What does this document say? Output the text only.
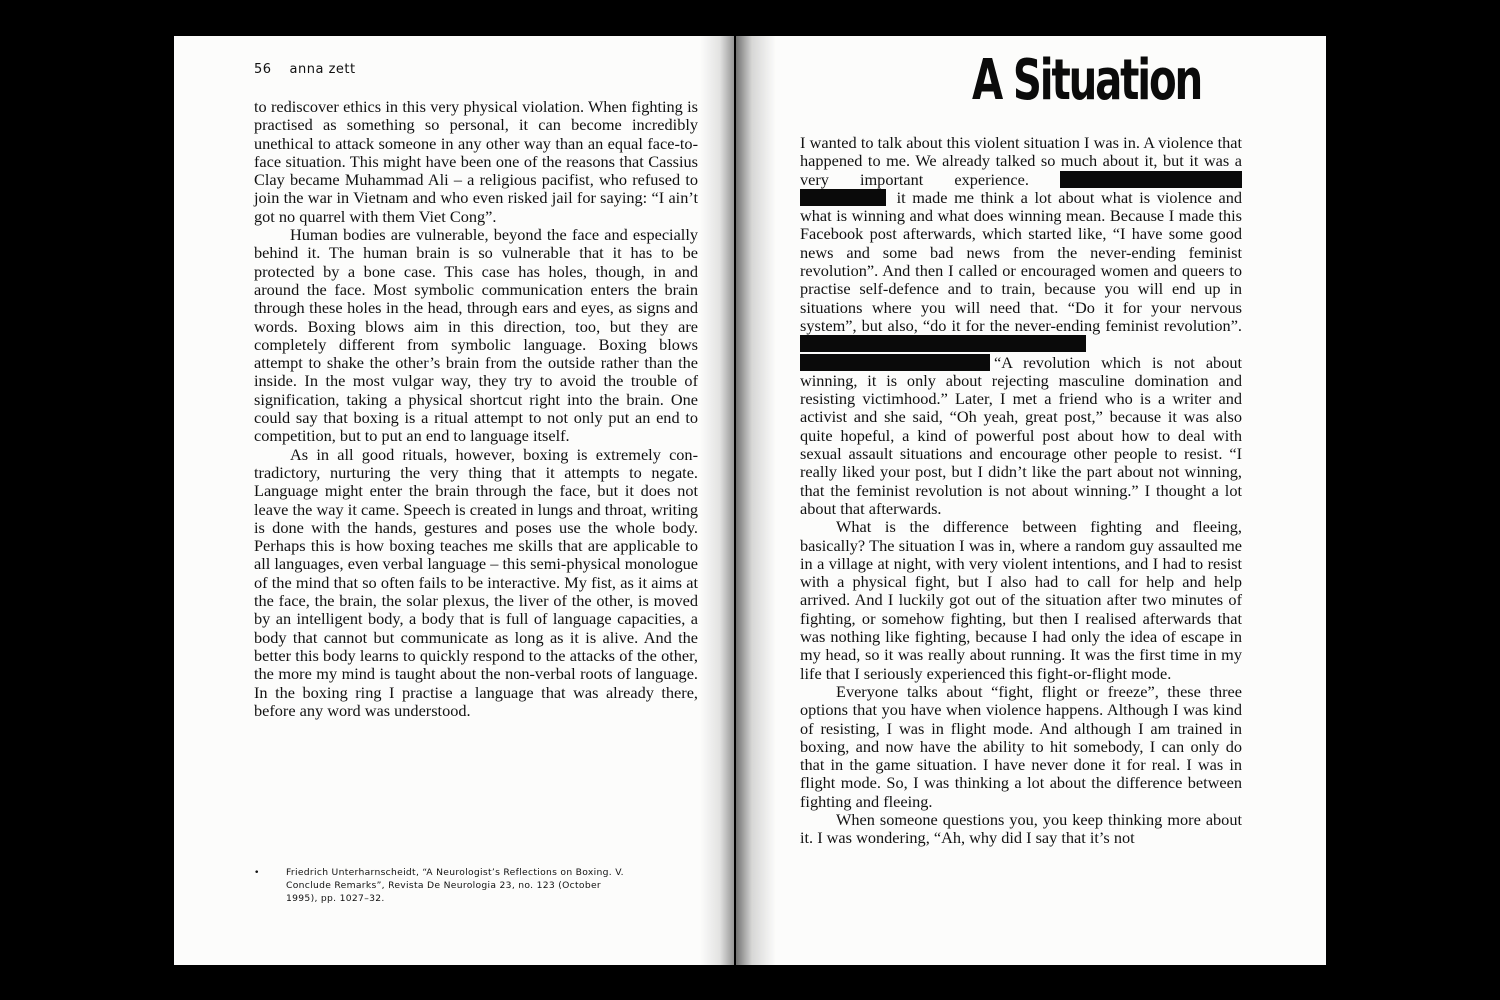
56 anna zett

to rediscover ethics in this very physical violation. When fighting is practised as something so personal, it can become incredibly unethical to attack someone in any other way than an equal face-to-face situation. This might have been one of the reasons that Cassius Clay became Muhammad Ali – a religious pacifist, who refused to join the war in Vietnam and who even risked jail for saying: “I ain’t got no quarrel with them Viet Cong”.

Human bodies are vulnerable, beyond the face and especially behind it. The human brain is so vulnerable that it has to be protected by a bone case. This case has holes, though, in and around the face. Most symbolic communication enters the brain through these holes in the head, through ears and eyes, as signs and words. Boxing blows aim in this direction, too, but they are completely different from symbolic language. Boxing blows attempt to shake the other’s brain from the outside rather than the inside. In the most vulgar way, they try to avoid the trouble of signification, taking a physical shortcut right into the brain. One could say that boxing is a ritual attempt to not only put an end to competition, but to put an end to language itself.

As in all good rituals, however, boxing is extremely contradictory, nurturing the very thing that it attempts to negate. Language might enter the brain through the face, but it does not leave the way it came. Speech is created in lungs and throat, writing is done with the hands, gestures and poses use the whole body. Perhaps this is how boxing teaches me skills that are applicable to all languages, even verbal language – this semi-physical monologue of the mind that so often fails to be interactive. My fist, as it aims at the face, the brain, the solar plexus, the liver of the other, is moved by an intelligent body, a body that is full of language capacities, a body that cannot but communicate as long as it is alive. And the better this body learns to quickly respond to the attacks of the other, the more my mind is taught about the non-verbal roots of language. In the boxing ring I practise a language that was already there, before any word was understood.

•	Friedrich Unterharnscheidt, “A Neurologist’s Reflections on Boxing. V. Conclude Remarks”, Revista De Neurologia 23, no. 123 (October 1995), pp. 1027–32.
A Situation

I wanted to talk about this violent situation I was in. A violence that happened to me. We already talked so much about it, but it was a very important experience.   it made me think a lot about what is violence and what is winning and what does winning mean. Because I made this Facebook post afterwards, which started like, “I have some good news and some bad news from the never-ending feminist revolution”. And then I called or encouraged women and queers to practise self-defence and to train, because you will end up in situations where you will need that. “Do it for your nervous system”, but also, “do it for the never-ending feminist revolution”.  “A revolution which is not about winning, it is only about rejecting masculine domination and resisting victimhood.” Later, I met a friend who is a writer and activist and she said, “Oh yeah, great post,” because it was also quite hopeful, a kind of powerful post about how to deal with sexual assault situations and encourage other people to resist. “I really liked your post, but I didn’t like the part about not winning, that the feminist revolution is not about winning.” I thought a lot about that afterwards.

What is the difference between fighting and fleeing, basically? The situation I was in, where a random guy assaulted me in a village at night, with very violent intentions, and I had to resist with a physical fight, but I also had to call for help and help arrived. And I luckily got out of the situation after two minutes of fighting, or somehow fighting, but then I realised afterwards that was nothing like fighting, because I had only the idea of escape in my head, so it was really about running. It was the first time in my life that I seriously experienced this fight-or-flight mode.

Everyone talks about “fight, flight or freeze”, these three options that you have when violence happens. Although I was kind of resisting, I was in flight mode. And although I am trained in boxing, and now have the ability to hit somebody, I can only do that in the game situation. I have never done it for real. I was in flight mode. So, I was thinking a lot about the difference between fighting and fleeing.

When someone questions you, you keep thinking more about it. I was wondering, “Ah, why did I say that it’s not
